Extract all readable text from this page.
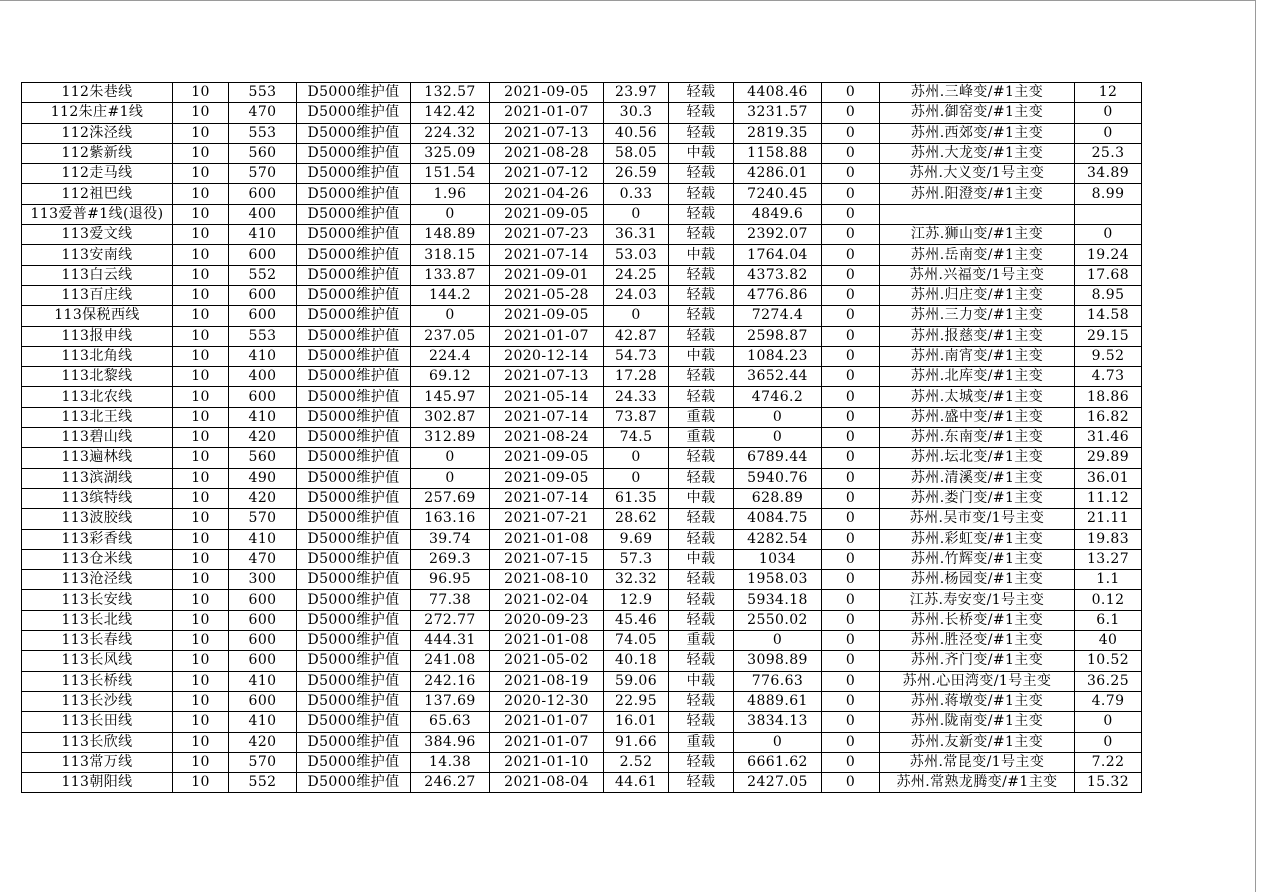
112朱巷线	10	553	D5000维护值	132.57	2021-09-05	23.97	轻载	4408.46	0	苏州.三峰变/#1主变	12
112朱庄#1线	10	470	D5000维护值	142.42	2021-01-07	30.3	轻载	3231.57	0	苏州.御窑变/#1主变	0
112洙泾线	10	553	D5000维护值	224.32	2021-07-13	40.56	轻载	2819.35	0	苏州.西郊变/#1主变	0
112紫新线	10	560	D5000维护值	325.09	2021-08-28	58.05	中载	1158.88	0	苏州.大龙变/#1主变	25.3
112走马线	10	570	D5000维护值	151.54	2021-07-12	26.59	轻载	4286.01	0	苏州.大义变/1号主变	34.89
112祖巴线	10	600	D5000维护值	1.96	2021-04-26	0.33	轻载	7240.45	0	苏州.阳澄变/#1主变	8.99
113爱普#1线(退役)	10	400	D5000维护值	0	2021-09-05	0	轻载	4849.6	0		
113爱文线	10	410	D5000维护值	148.89	2021-07-23	36.31	轻载	2392.07	0	江苏.狮山变/#1主变	0
113安南线	10	600	D5000维护值	318.15	2021-07-14	53.03	中载	1764.04	0	苏州.岳南变/#1主变	19.24
113白云线	10	552	D5000维护值	133.87	2021-09-01	24.25	轻载	4373.82	0	苏州.兴福变/1号主变	17.68
113百庄线	10	600	D5000维护值	144.2	2021-05-28	24.03	轻载	4776.86	0	苏州.归庄变/#1主变	8.95
113保税西线	10	600	D5000维护值	0	2021-09-05	0	轻载	7274.4	0	苏州.三力变/#1主变	14.58
113报申线	10	553	D5000维护值	237.05	2021-01-07	42.87	轻载	2598.87	0	苏州.报慈变/#1主变	29.15
113北角线	10	410	D5000维护值	224.4	2020-12-14	54.73	中载	1084.23	0	苏州.南宵变/#1主变	9.52
113北黎线	10	400	D5000维护值	69.12	2021-07-13	17.28	轻载	3652.44	0	苏州.北库变/#1主变	4.73
113北农线	10	600	D5000维护值	145.97	2021-05-14	24.33	轻载	4746.2	0	苏州.太城变/#1主变	18.86
113北王线	10	410	D5000维护值	302.87	2021-07-14	73.87	重载	0	0	苏州.盛中变/#1主变	16.82
113碧山线	10	420	D5000维护值	312.89	2021-08-24	74.5	重载	0	0	苏州.东南变/#1主变	31.46
113遍林线	10	560	D5000维护值	0	2021-09-05	0	轻载	6789.44	0	苏州.坛北变/#1主变	29.89
113滨湖线	10	490	D5000维护值	0	2021-09-05	0	轻载	5940.76	0	苏州.清溪变/#1主变	36.01
113缤特线	10	420	D5000维护值	257.69	2021-07-14	61.35	中载	628.89	0	苏州.娄门变/#1主变	11.12
113波胶线	10	570	D5000维护值	163.16	2021-07-21	28.62	轻载	4084.75	0	苏州.吴市变/1号主变	21.11
113彩香线	10	410	D5000维护值	39.74	2021-01-08	9.69	轻载	4282.54	0	苏州.彩虹变/#1主变	19.83
113仓米线	10	470	D5000维护值	269.3	2021-07-15	57.3	中载	1034	0	苏州.竹辉变/#1主变	13.27
113沧泾线	10	300	D5000维护值	96.95	2021-08-10	32.32	轻载	1958.03	0	苏州.杨园变/#1主变	1.1
113长安线	10	600	D5000维护值	77.38	2021-02-04	12.9	轻载	5934.18	0	江苏.寿安变/1号主变	0.12
113长北线	10	600	D5000维护值	272.77	2020-09-23	45.46	轻载	2550.02	0	苏州.长桥变/#1主变	6.1
113长春线	10	600	D5000维护值	444.31	2021-01-08	74.05	重载	0	0	苏州.胜泾变/#1主变	40
113长风线	10	600	D5000维护值	241.08	2021-05-02	40.18	轻载	3098.89	0	苏州.齐门变/#1主变	10.52
113长桥线	10	410	D5000维护值	242.16	2021-08-19	59.06	中载	776.63	0	苏州.心田湾变/1号主变	36.25
113长沙线	10	600	D5000维护值	137.69	2020-12-30	22.95	轻载	4889.61	0	苏州.蒋墩变/#1主变	4.79
113长田线	10	410	D5000维护值	65.63	2021-01-07	16.01	轻载	3834.13	0	苏州.陇南变/#1主变	0
113长欣线	10	420	D5000维护值	384.96	2021-01-07	91.66	重载	0	0	苏州.友新变/#1主变	0
113常万线	10	570	D5000维护值	14.38	2021-01-10	2.52	轻载	6661.62	0	苏州.常昆变/1号主变	7.22
113朝阳线	10	552	D5000维护值	246.27	2021-08-04	44.61	轻载	2427.05	0	苏州.常熟龙腾变/#1主变	15.32
